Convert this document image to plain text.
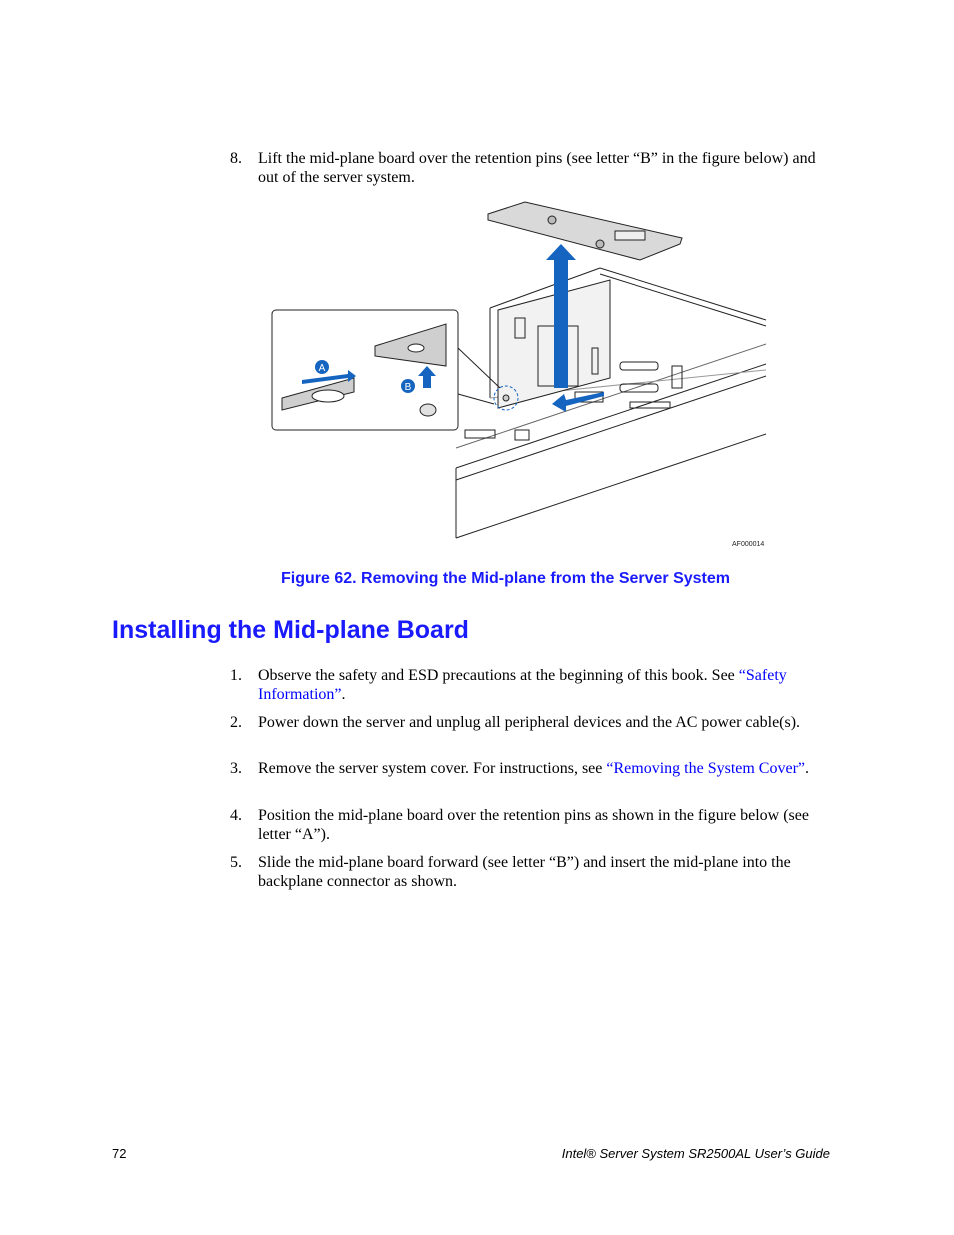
8. Lift the mid-plane board over the retention pins (see letter “B” in the figure below) and out of the server system.
A
B
AF000014
Figure 62. Removing the Mid-plane from the Server System
Installing the Mid-plane Board
1. Observe the safety and ESD precautions at the beginning of this book. See “Safety Information”.
2. Power down the server and unplug all peripheral devices and the AC power cable(s).
3. Remove the server system cover. For instructions, see “Removing the System Cover”.
4. Position the mid-plane board over the retention pins as shown in the figure below (see letter “A”).
5. Slide the mid-plane board forward (see letter “B”) and insert the mid-plane into the backplane connector as shown.
72	Intel® Server System SR2500AL User’s Guide
